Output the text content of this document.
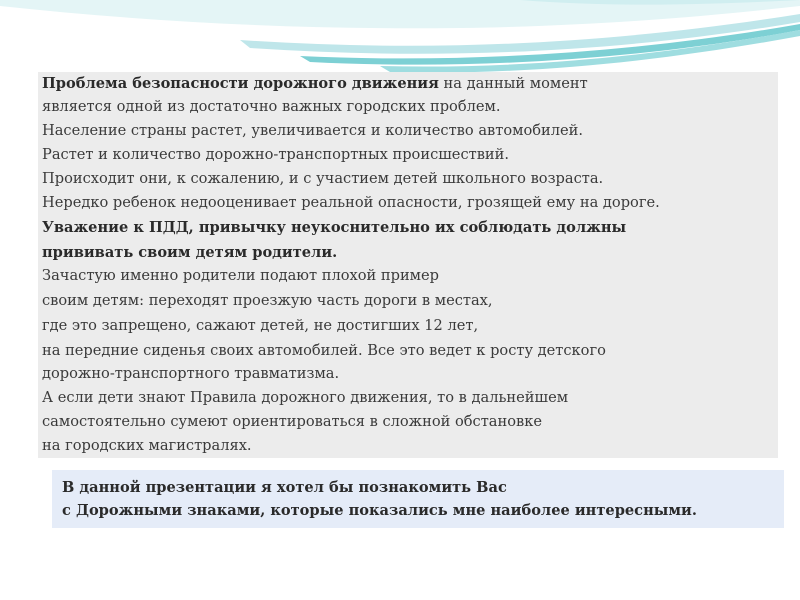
Проблема безопасности дорожного движения на данный момент
является одной из достаточно важных городских проблем.
Население страны растет, увеличивается и количество автомобилей.
Растет и количество дорожно-транспортных происшествий.
Происходит они, к сожалению, и с участием детей школьного возраста.
Нередко ребенок недооценивает реальной опасности, грозящей ему на дороге.
Уважение к ПДД, привычку неукоснительно их соблюдать должны
прививать своим детям родители.
Зачастую именно родители подают плохой пример
своим детям: переходят проезжую часть дороги в местах,
где это запрещено, сажают детей, не достигших 12 лет,
на передние сиденья своих автомобилей. Все это ведет к росту детского
дорожно-транспортного травматизма.
А если дети знают Правила дорожного движения, то в дальнейшем
самостоятельно сумеют ориентироваться в сложной обстановке
на городских магистралях.
В данной презентации я хотел бы познакомить Вас
с Дорожными знаками, которые показались мне наиболее интересными.
